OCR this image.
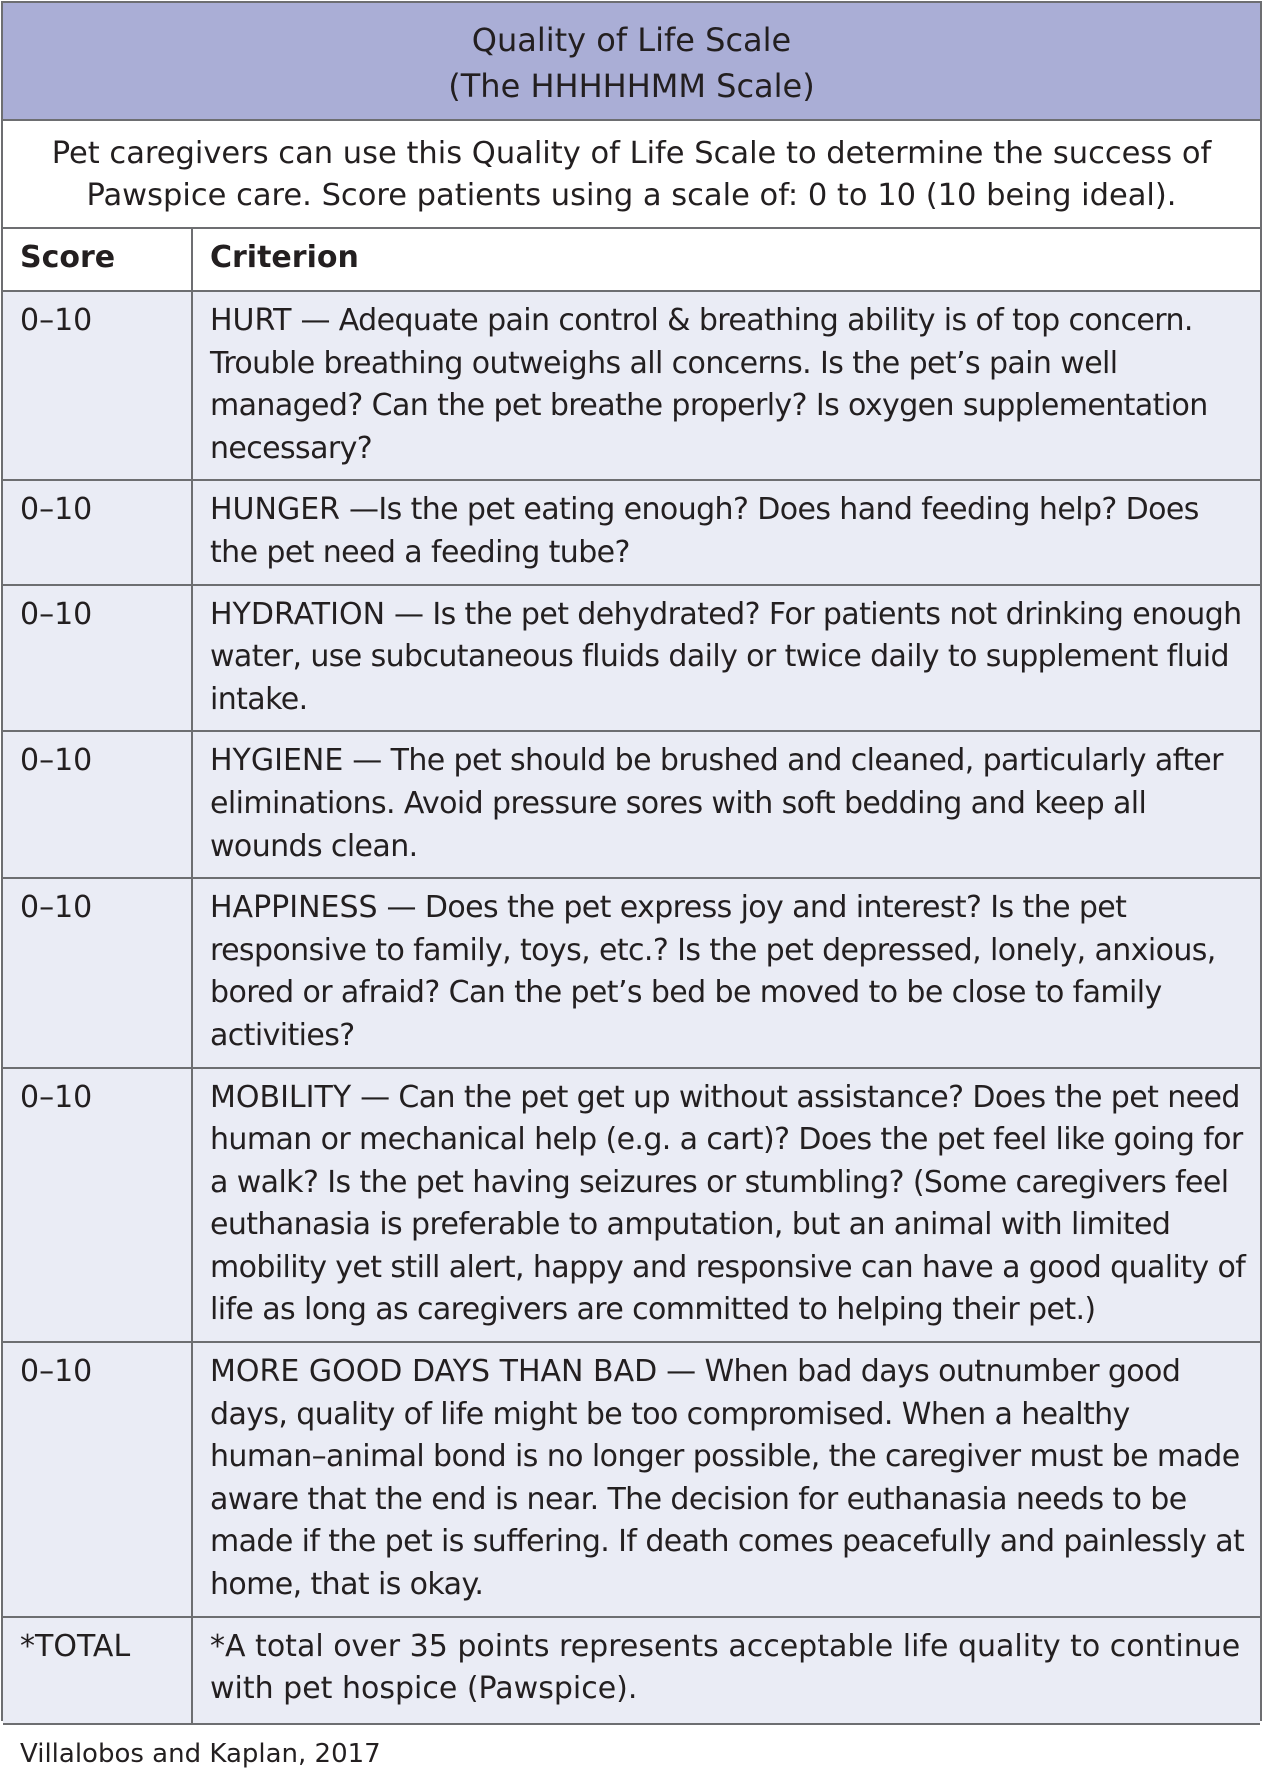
Quality of Life Scale
(The HHHHHMM Scale)
Pet caregivers can use this Quality of Life Scale to determine the success of
Pawspice care. Score patients using a scale of: 0 to 10 (10 being ideal).
Score	Criterion
0–10	HURT — Adequate pain control & breathing ability is of top concern. Trouble breathing outweighs all concerns. Is the pet’s pain well managed? Can the pet breathe properly? Is oxygen supplementation necessary?
0–10	HUNGER —Is the pet eating enough? Does hand feeding help? Does the pet need a feeding tube?
0–10	HYDRATION — Is the pet dehydrated? For patients not drinking enough water, use subcutaneous fluids daily or twice daily to supplement fluid intake.
0–10	HYGIENE — The pet should be brushed and cleaned, particularly after eliminations. Avoid pressure sores with soft bedding and keep all wounds clean.
0–10	HAPPINESS — Does the pet express joy and interest? Is the pet responsive to family, toys, etc.? Is the pet depressed, lonely, anxious, bored or afraid? Can the pet’s bed be moved to be close to family activities?
0–10	MOBILITY — Can the pet get up without assistance? Does the pet need human or mechanical help (e.g. a cart)? Does the pet feel like going for a walk? Is the pet having seizures or stumbling? (Some caregivers feel euthanasia is preferable to amputation, but an animal with limited mobility yet still alert, happy and responsive can have a good quality of life as long as caregivers are committed to helping their pet.)
0–10	MORE GOOD DAYS THAN BAD — When bad days outnumber good days, quality of life might be too compromised. When a healthy human–animal bond is no longer possible, the caregiver must be made aware that the end is near. The decision for euthanasia needs to be made if the pet is suffering. If death comes peacefully and painlessly at home, that is okay.
*TOTAL	*A total over 35 points represents acceptable life quality to continue with pet hospice (Pawspice).
Villalobos and Kaplan, 2017
